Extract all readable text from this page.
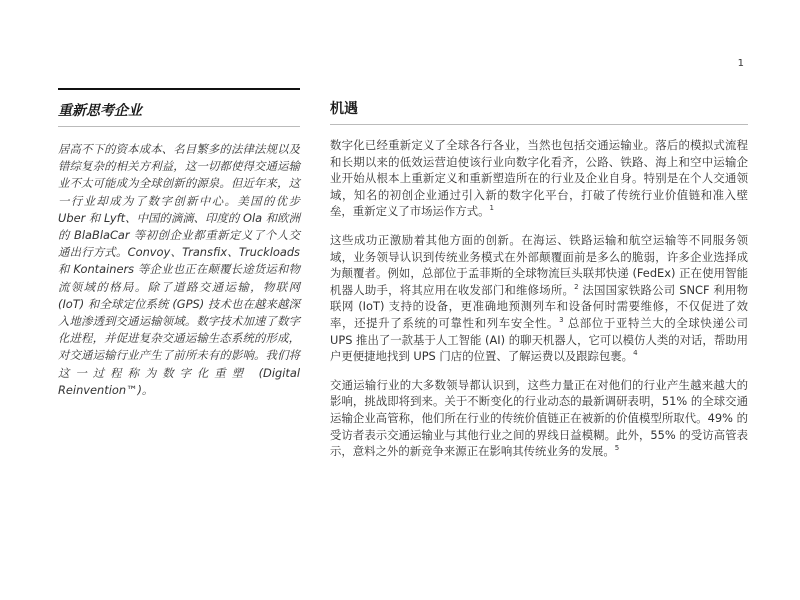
1
重新思考企业
居高不下的资本成本、名目繁多的法律法规以及错综复杂的相关方利益，这一切都使得交通运输业不太可能成为全球创新的源泉。但近年来，这一行业却成为了数字创新中心。美国的优步 Uber 和 Lyft、中国的滴滴、印度的 Ola 和欧洲的 BlaBlaCar 等初创企业都重新定义了个人交通出行方式。Convoy、Transfix、Truckloads 和 Kontainers 等企业也正在颠覆长途货运和物流领域的格局。除了道路交通运输，物联网 (IoT) 和全球定位系统 (GPS) 技术也在越来越深入地渗透到交通运输领域。数字技术加速了数字化进程，并促进复杂交通运输生态系统的形成，对交通运输行业产生了前所未有的影响。我们将这一过程称为数字化重塑 (Digital Reinvention™)。
机遇

数字化已经重新定义了全球各行各业，当然也包括交通运输业。落后的模拟式流程和长期以来的低效运营迫使该行业向数字化看齐，公路、铁路、海上和空中运输企业开始从根本上重新定义和重新塑造所在的行业及企业自身。特别是在个人交通领域，知名的初创企业通过引入新的数字化平台，打破了传统行业价值链和准入壁垒，重新定义了市场运作方式。$^1$

这些成功正激励着其他方面的创新。在海运、铁路运输和航空运输等不同服务领域，业务领导认识到传统业务模式在外部颠覆面前是多么的脆弱，许多企业选择成为颠覆者。例如，总部位于孟菲斯的全球物流巨头联邦快递 (FedEx) 正在使用智能机器人助手，将其应用在收发部门和维修场所。$^2$ 法国国家铁路公司 SNCF 利用物联网 (IoT) 支持的设备，更准确地预测列车和设备何时需要维修，不仅促进了效率，还提升了系统的可靠性和列车安全性。$^3$ 总部位于亚特兰大的全球快递公司 UPS 推出了一款基于人工智能 (AI) 的聊天机器人，它可以模仿人类的对话，帮助用户更便捷地找到 UPS 门店的位置、了解运费以及跟踪包裹。$^4$

交通运输行业的大多数领导都认识到，这些力量正在对他们的行业产生越来越大的影响，挑战即将到来。关于不断变化的行业动态的最新调研表明，51% 的全球交通运输企业高管称，他们所在行业的传统价值链正在被新的价值模型所取代。49% 的受访者表示交通运输业与其他行业之间的界线日益模糊。此外，55% 的受访高管表示，意料之外的新竞争来源正在影响其传统业务的发展。$^5$
